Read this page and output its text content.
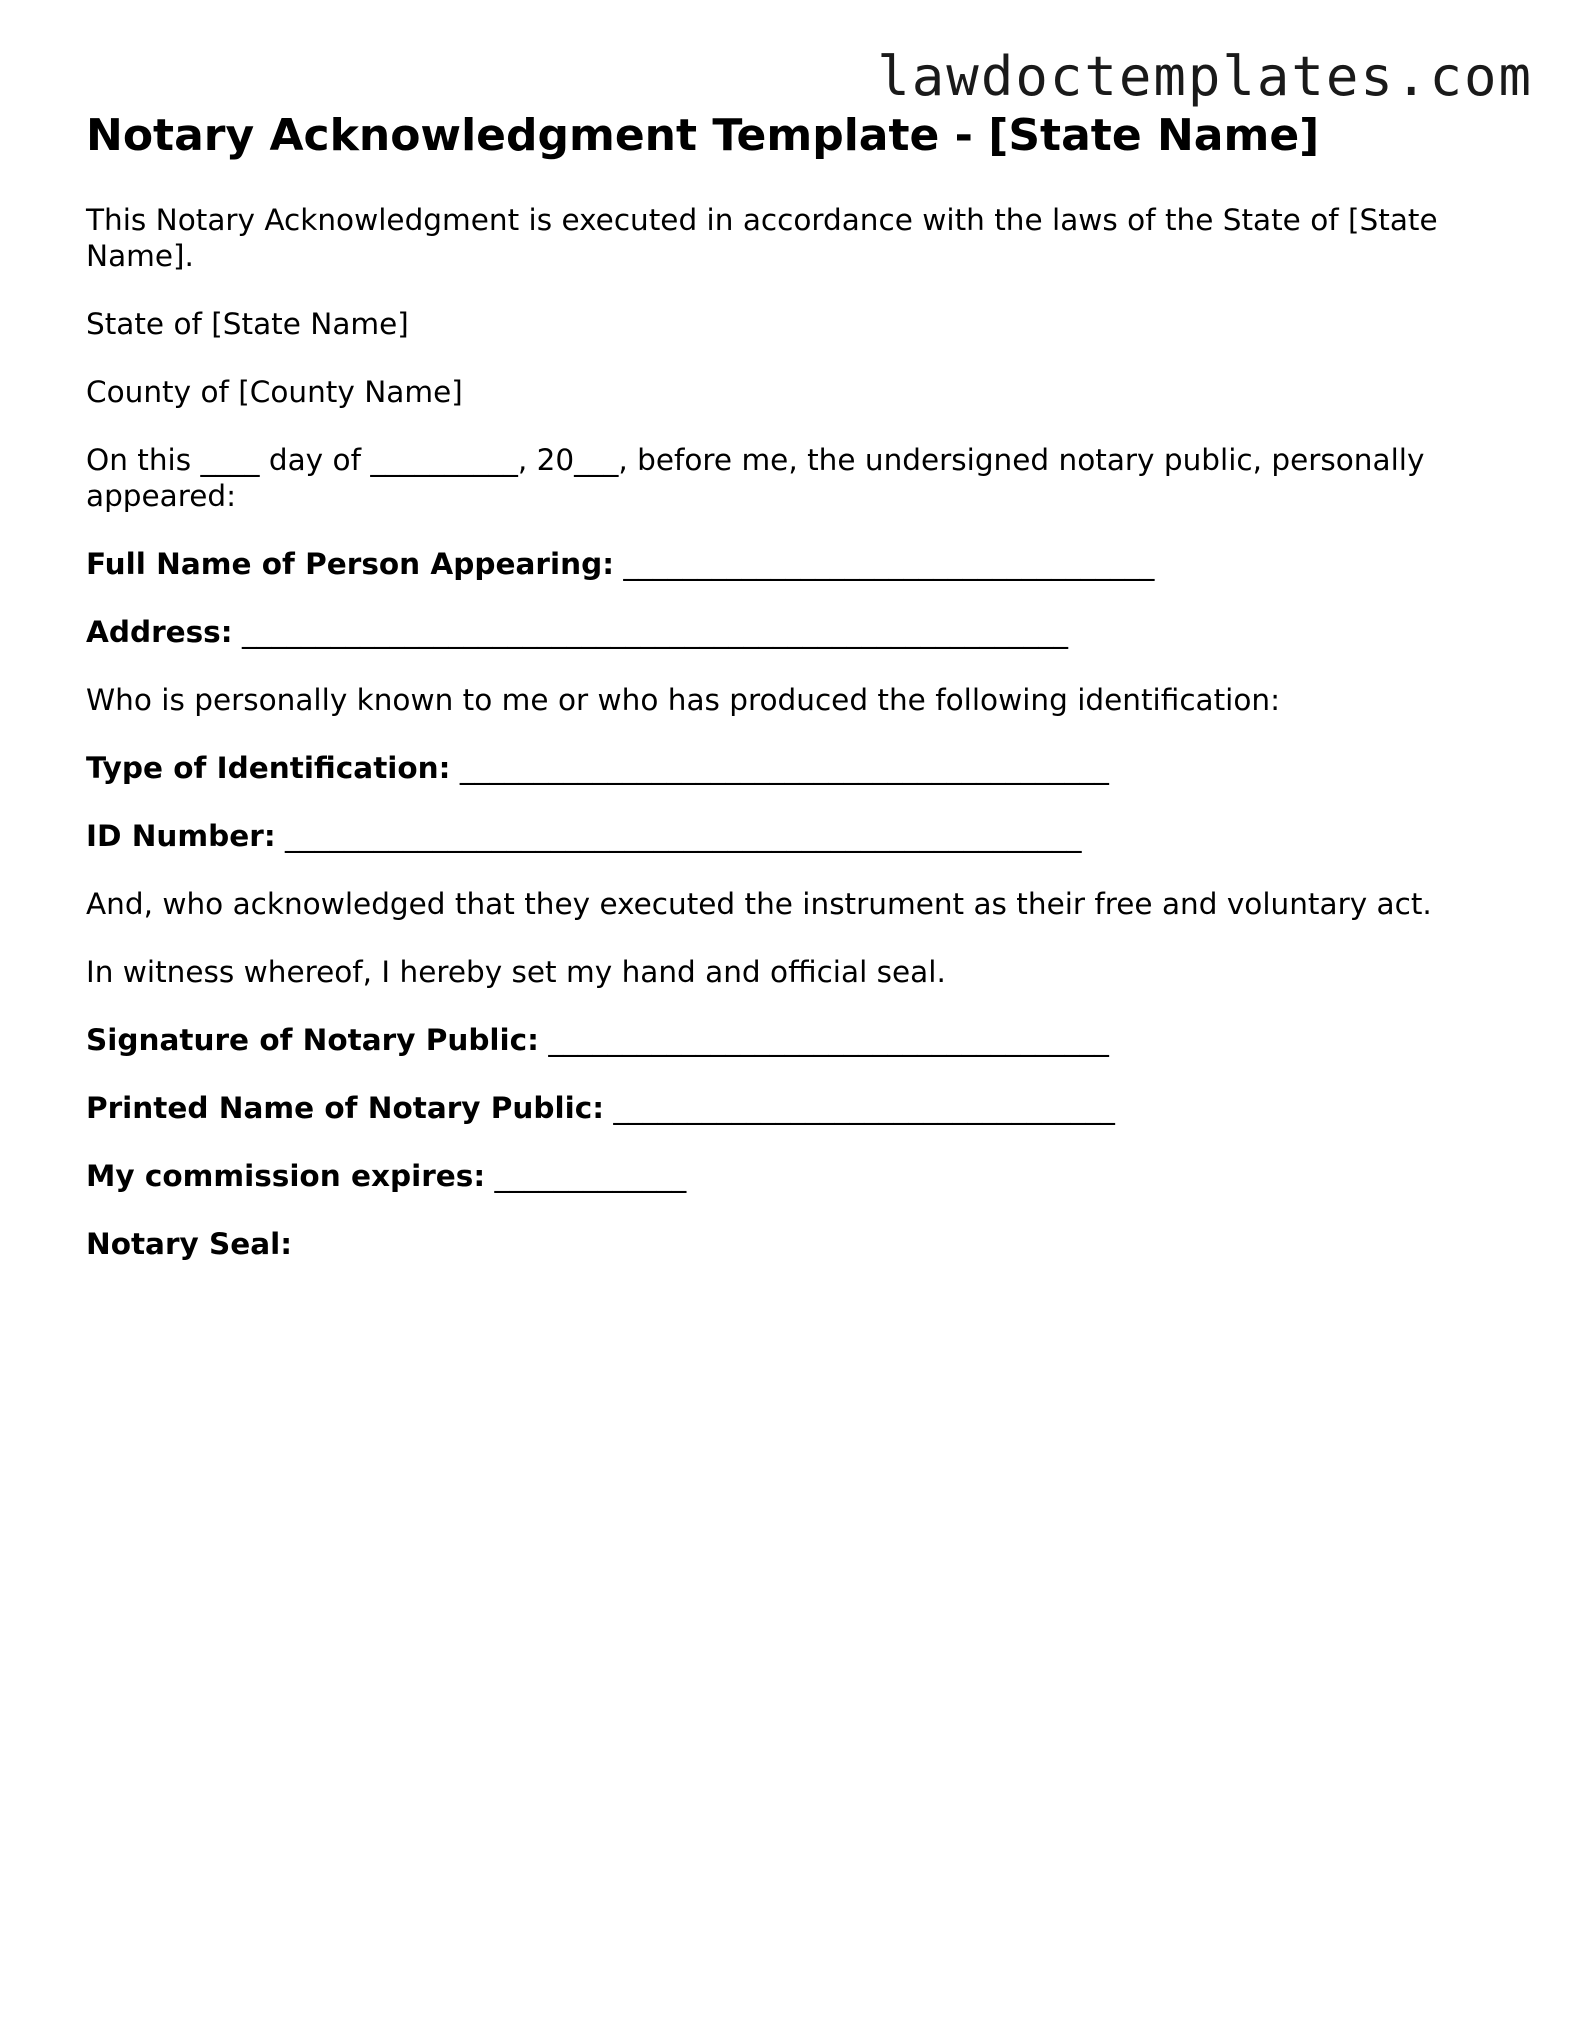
lawdoctemplates.com
Notary Acknowledgment Template - [State Name]

This Notary Acknowledgment is executed in accordance with the laws of the State of [State Name].

State of [State Name]

County of [County Name]

On this ____ day of __________, 20___, before me, the undersigned notary public, personally appeared:

Full Name of Person Appearing: ____________________________________

Address: ________________________________________________________

Who is personally known to me or who has produced the following identification:

Type of Identification: ____________________________________________

ID Number: ______________________________________________________

And, who acknowledged that they executed the instrument as their free and voluntary act.

In witness whereof, I hereby set my hand and official seal.

Signature of Notary Public: ______________________________________

Printed Name of Notary Public: __________________________________

My commission expires: _____________

Notary Seal:
